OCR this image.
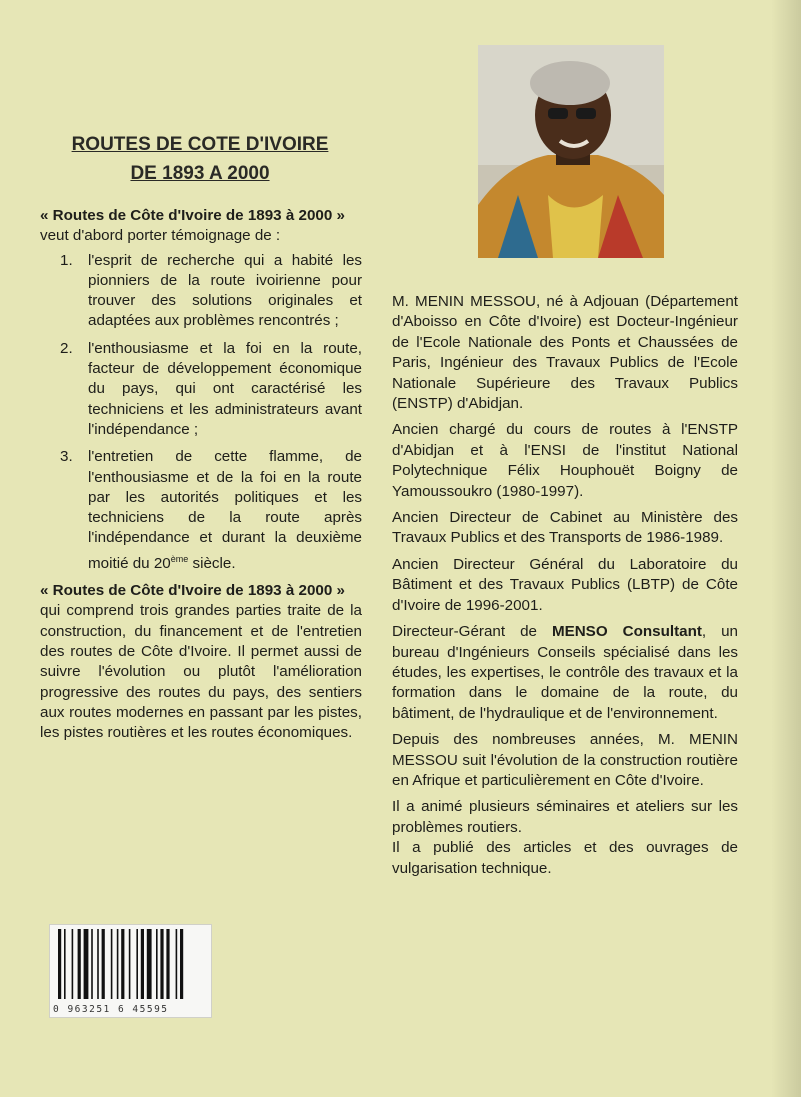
ROUTES DE COTE D'IVOIRE
DE 1893 A 2000

« Routes de Côte d'Ivoire de 1893 à 2000 »
veut d'abord porter témoignage de :

1. l'esprit de recherche qui a habité les pionniers de la route ivoirienne pour trouver des solutions originales et adaptées aux problèmes rencontrés ;
2. l'enthousiasme et la foi en la route, facteur de développement économique du pays, qui ont caractérisé les techniciens et les administrateurs avant l'indépendance ;
3. l'entretien de cette flamme, de l'enthousiasme et de la foi en la route par les autorités politiques et les techniciens de la route après l'indépendance et durant la deuxième moitié du 20ème siècle.

« Routes de Côte d'Ivoire de 1893 à 2000 »
qui comprend trois grandes parties traite de la construction, du financement et de l'entretien des routes de Côte d'Ivoire. Il permet aussi de suivre l'évolution ou plutôt l'amélioration progressive des routes du pays, des sentiers aux routes modernes en passant par les pistes, les pistes routières et les routes économiques.

M. MENIN MESSOU, né à Adjouan (Département d'Aboisso en Côte d'Ivoire) est Docteur-Ingénieur de l'Ecole Nationale des Ponts et Chaussées de Paris, Ingénieur des Travaux Publics de l'Ecole Nationale Supérieure des Travaux Publics (ENSTP) d'Abidjan.

Ancien chargé du cours de routes à l'ENSTP d'Abidjan et à l'ENSI de l'institut National Polytechnique Félix Houphouët Boigny de Yamoussoukro (1980-1997).

Ancien Directeur de Cabinet au Ministère des Travaux Publics et des Transports de 1986-1989.

Ancien Directeur Général du Laboratoire du Bâtiment et des Travaux Publics (LBTP) de Côte d'Ivoire de 1996-2001.

Directeur-Gérant de MENSO Consultant, un bureau d'Ingénieurs Conseils spécialisé dans les études, les expertises, le contrôle des travaux et la formation dans le domaine de la route, du bâtiment, de l'hydraulique et de l'environnement.

Depuis des nombreuses années, M. MENIN MESSOU suit l'évolution de la construction routière en Afrique et particulièrement en Côte d'Ivoire.

Il a animé plusieurs séminaires et ateliers sur les problèmes routiers.

Il a publié des articles et des ouvrages de vulgarisation technique.

0 963251 6 45595
